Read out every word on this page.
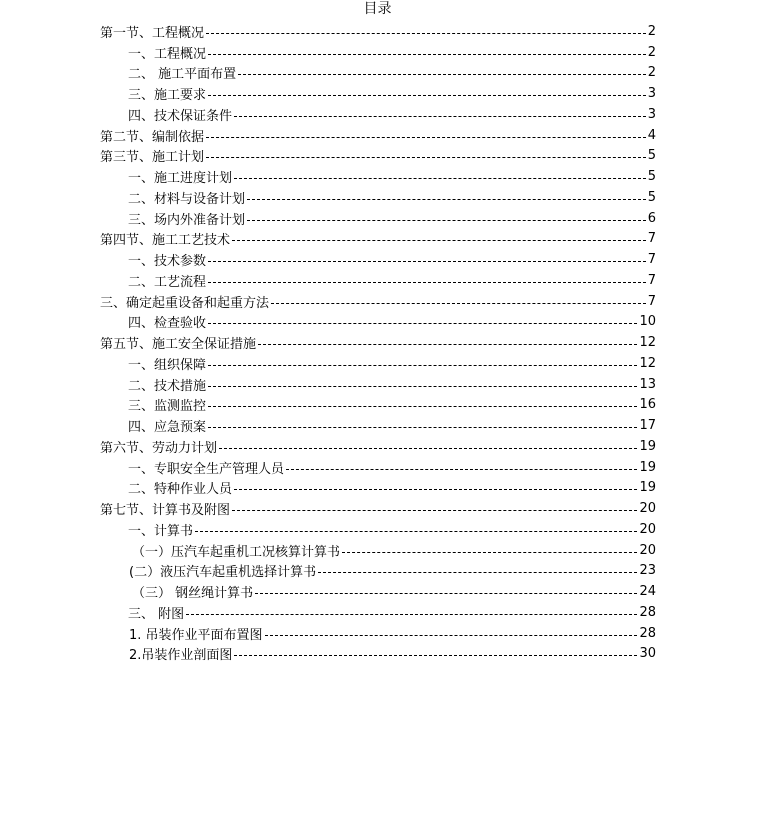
目录
第一节、工程概况	2
一、工程概况	2
二、 施工平面布置	2
三、施工要求	3
四、技术保证条件	3
第二节、编制依据	4
第三节、施工计划	5
一、施工进度计划	5
二、材料与设备计划	5
三、场内外准备计划	6
第四节、施工工艺技术	7
一、技术参数	7
二、工艺流程	7
三、确定起重设备和起重方法	7
四、检查验收	10
第五节、施工安全保证措施	12
一、组织保障	12
二、技术措施	13
三、监测监控	16
四、应急预案	17
第六节、劳动力计划	19
一、专职安全生产管理人员	19
二、特种作业人员	19
第七节、计算书及附图	20
一、计算书	20
（一）压汽车起重机工况核算计算书	20
(二）液压汽车起重机选择计算书	23
（三） 钢丝绳计算书	24
三、 附图	28
1. 吊装作业平面布置图	28
2.吊装作业剖面图	30
